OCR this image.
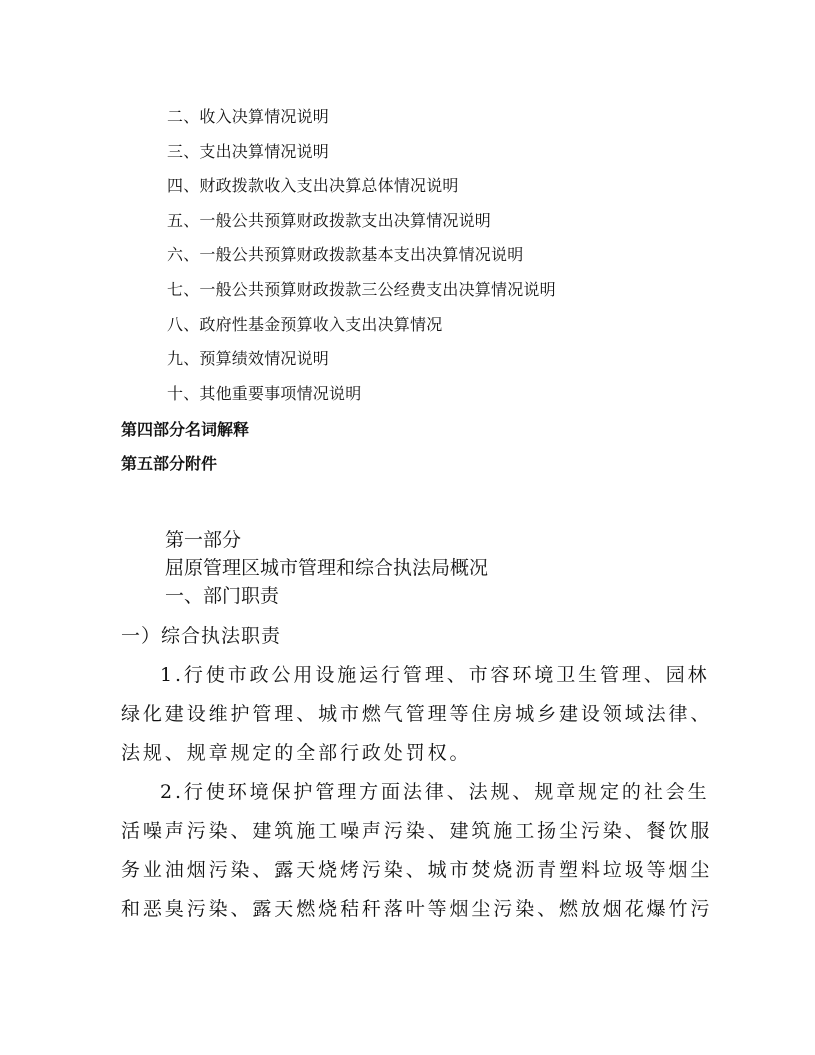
二、收入决算情况说明
三、支出决算情况说明
四、财政拨款收入支出决算总体情况说明
五、一般公共预算财政拨款支出决算情况说明
六、一般公共预算财政拨款基本支出决算情况说明
七、一般公共预算财政拨款三公经费支出决算情况说明
八、政府性基金预算收入支出决算情况
九、预算绩效情况说明
十、其他重要事项情况说明
第四部分名词解释
第五部分附件
第一部分
屈原管理区城市管理和综合执法局概况
一、部门职责
一）综合执法职责
1.行使市政公用设施运行管理、市容环境卫生管理、园林
绿化建设维护管理、城市燃气管理等住房城乡建设领域法律、
法规、规章规定的全部行政处罚权。
2.行使环境保护管理方面法律、法规、规章规定的社会生
活噪声污染、建筑施工噪声污染、建筑施工扬尘污染、餐饮服
务业油烟污染、露天烧烤污染、城市焚烧沥青塑料垃圾等烟尘
和恶臭污染、露天燃烧秸秆落叶等烟尘污染、燃放烟花爆竹污
